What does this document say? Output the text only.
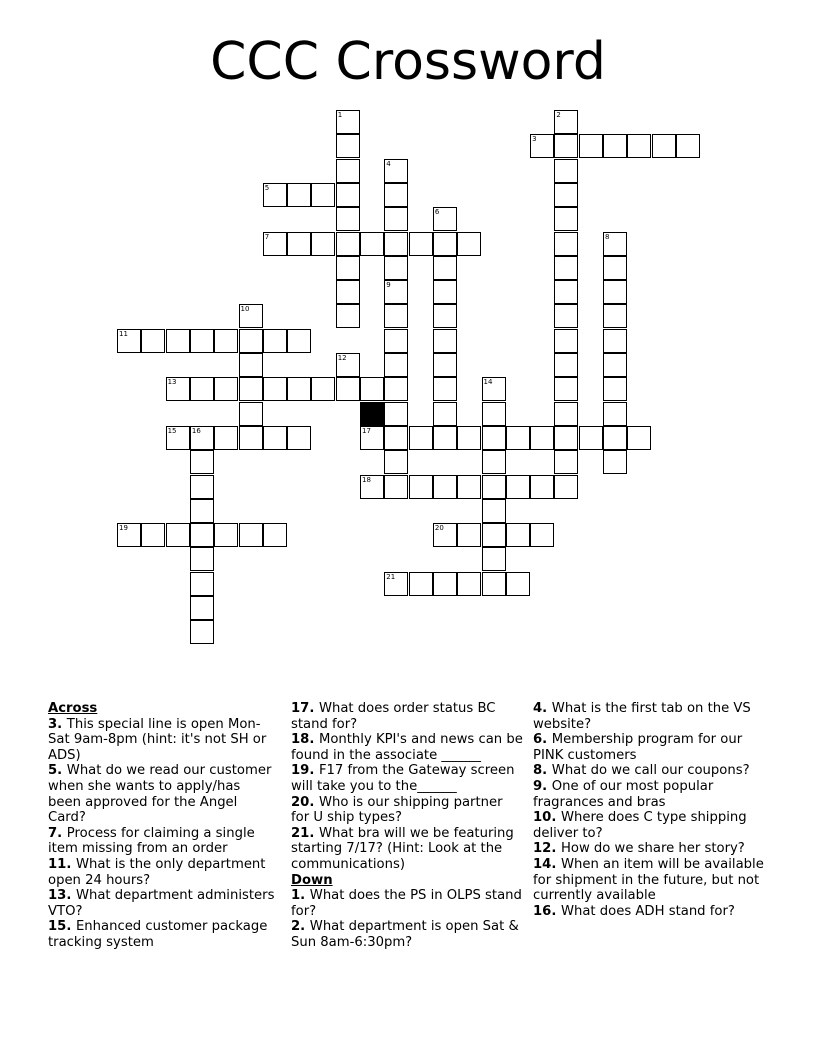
CCC Crossword
1	2
3
4
9
5
6
7	8
10
11
12
13	14
15 16	17
18
19	20
21

Across

3. This special line is open Mon-Sat 9am-8pm (hint: it's not SH or ADS)

5. What do we read our customer when she wants to apply/has been approved for the Angel Card?

7. Process for claiming a single item missing from an order

11. What is the only department open 24 hours?

13. What department administers VTO?

15. Enhanced customer package tracking system

17. What does order status BC stand for?

18. Monthly KPI's and news can be found in the associate ______

19. F17 from the Gateway screen will take you to the______

20. Who is our shipping partner for U ship types?

21. What bra will we be featuring starting 7/17? (Hint: Look at the communications)

Down

1. What does the PS in OLPS stand for?

2. What department is open Sat & Sun 8am-6:30pm?

4. What is the first tab on the VS website?

6. Membership program for our PINK customers

8. What do we call our coupons?

9. One of our most popular fragrances and bras

10. Where does C type shipping deliver to?

12. How do we share her story?

14. When an item will be available for shipment in the future, but not currently available

16. What does ADH stand for?
